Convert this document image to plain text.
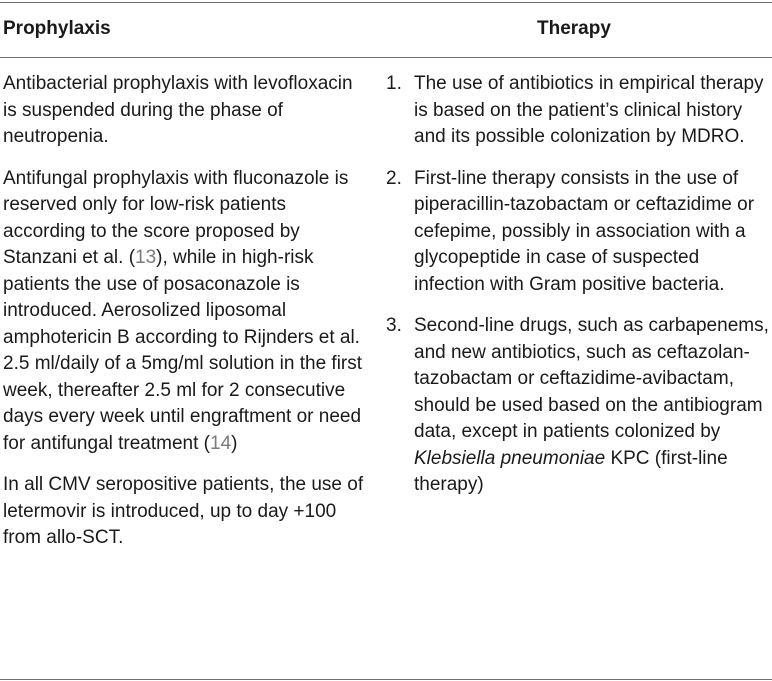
Prophylaxis	Therapy

Antibacterial prophylaxis with levofloxacin is suspended during the phase of neutropenia.

Antifungal prophylaxis with fluconazole is reserved only for low-risk patients according to the score proposed by Stanzani et al. (13), while in high-risk patients the use of posaconazole is introduced. Aerosolized liposomal amphotericin B according to Rijnders et al. 2.5 ml/daily of a 5mg/ml solution in the first week, thereafter 2.5 ml for 2 consecutive days every week until engraftment or need for antifungal treatment (14)

In all CMV seropositive patients, the use of letermovir is introduced, up to day +100 from allo-SCT.

1. The use of antibiotics in empirical therapy is based on the patient’s clinical history and its possible colonization by MDRO.
2. First-line therapy consists in the use of piperacillin-tazobactam or ceftazidime or cefepime, possibly in association with a glycopeptide in case of suspected infection with Gram positive bacteria.
3. Second-line drugs, such as carbapenems, and new antibiotics, such as ceftazolan-tazobactam or ceftazidime-avibactam, should be used based on the antibiogram data, except in patients colonized by Klebsiella pneumoniae KPC (first-line therapy)
